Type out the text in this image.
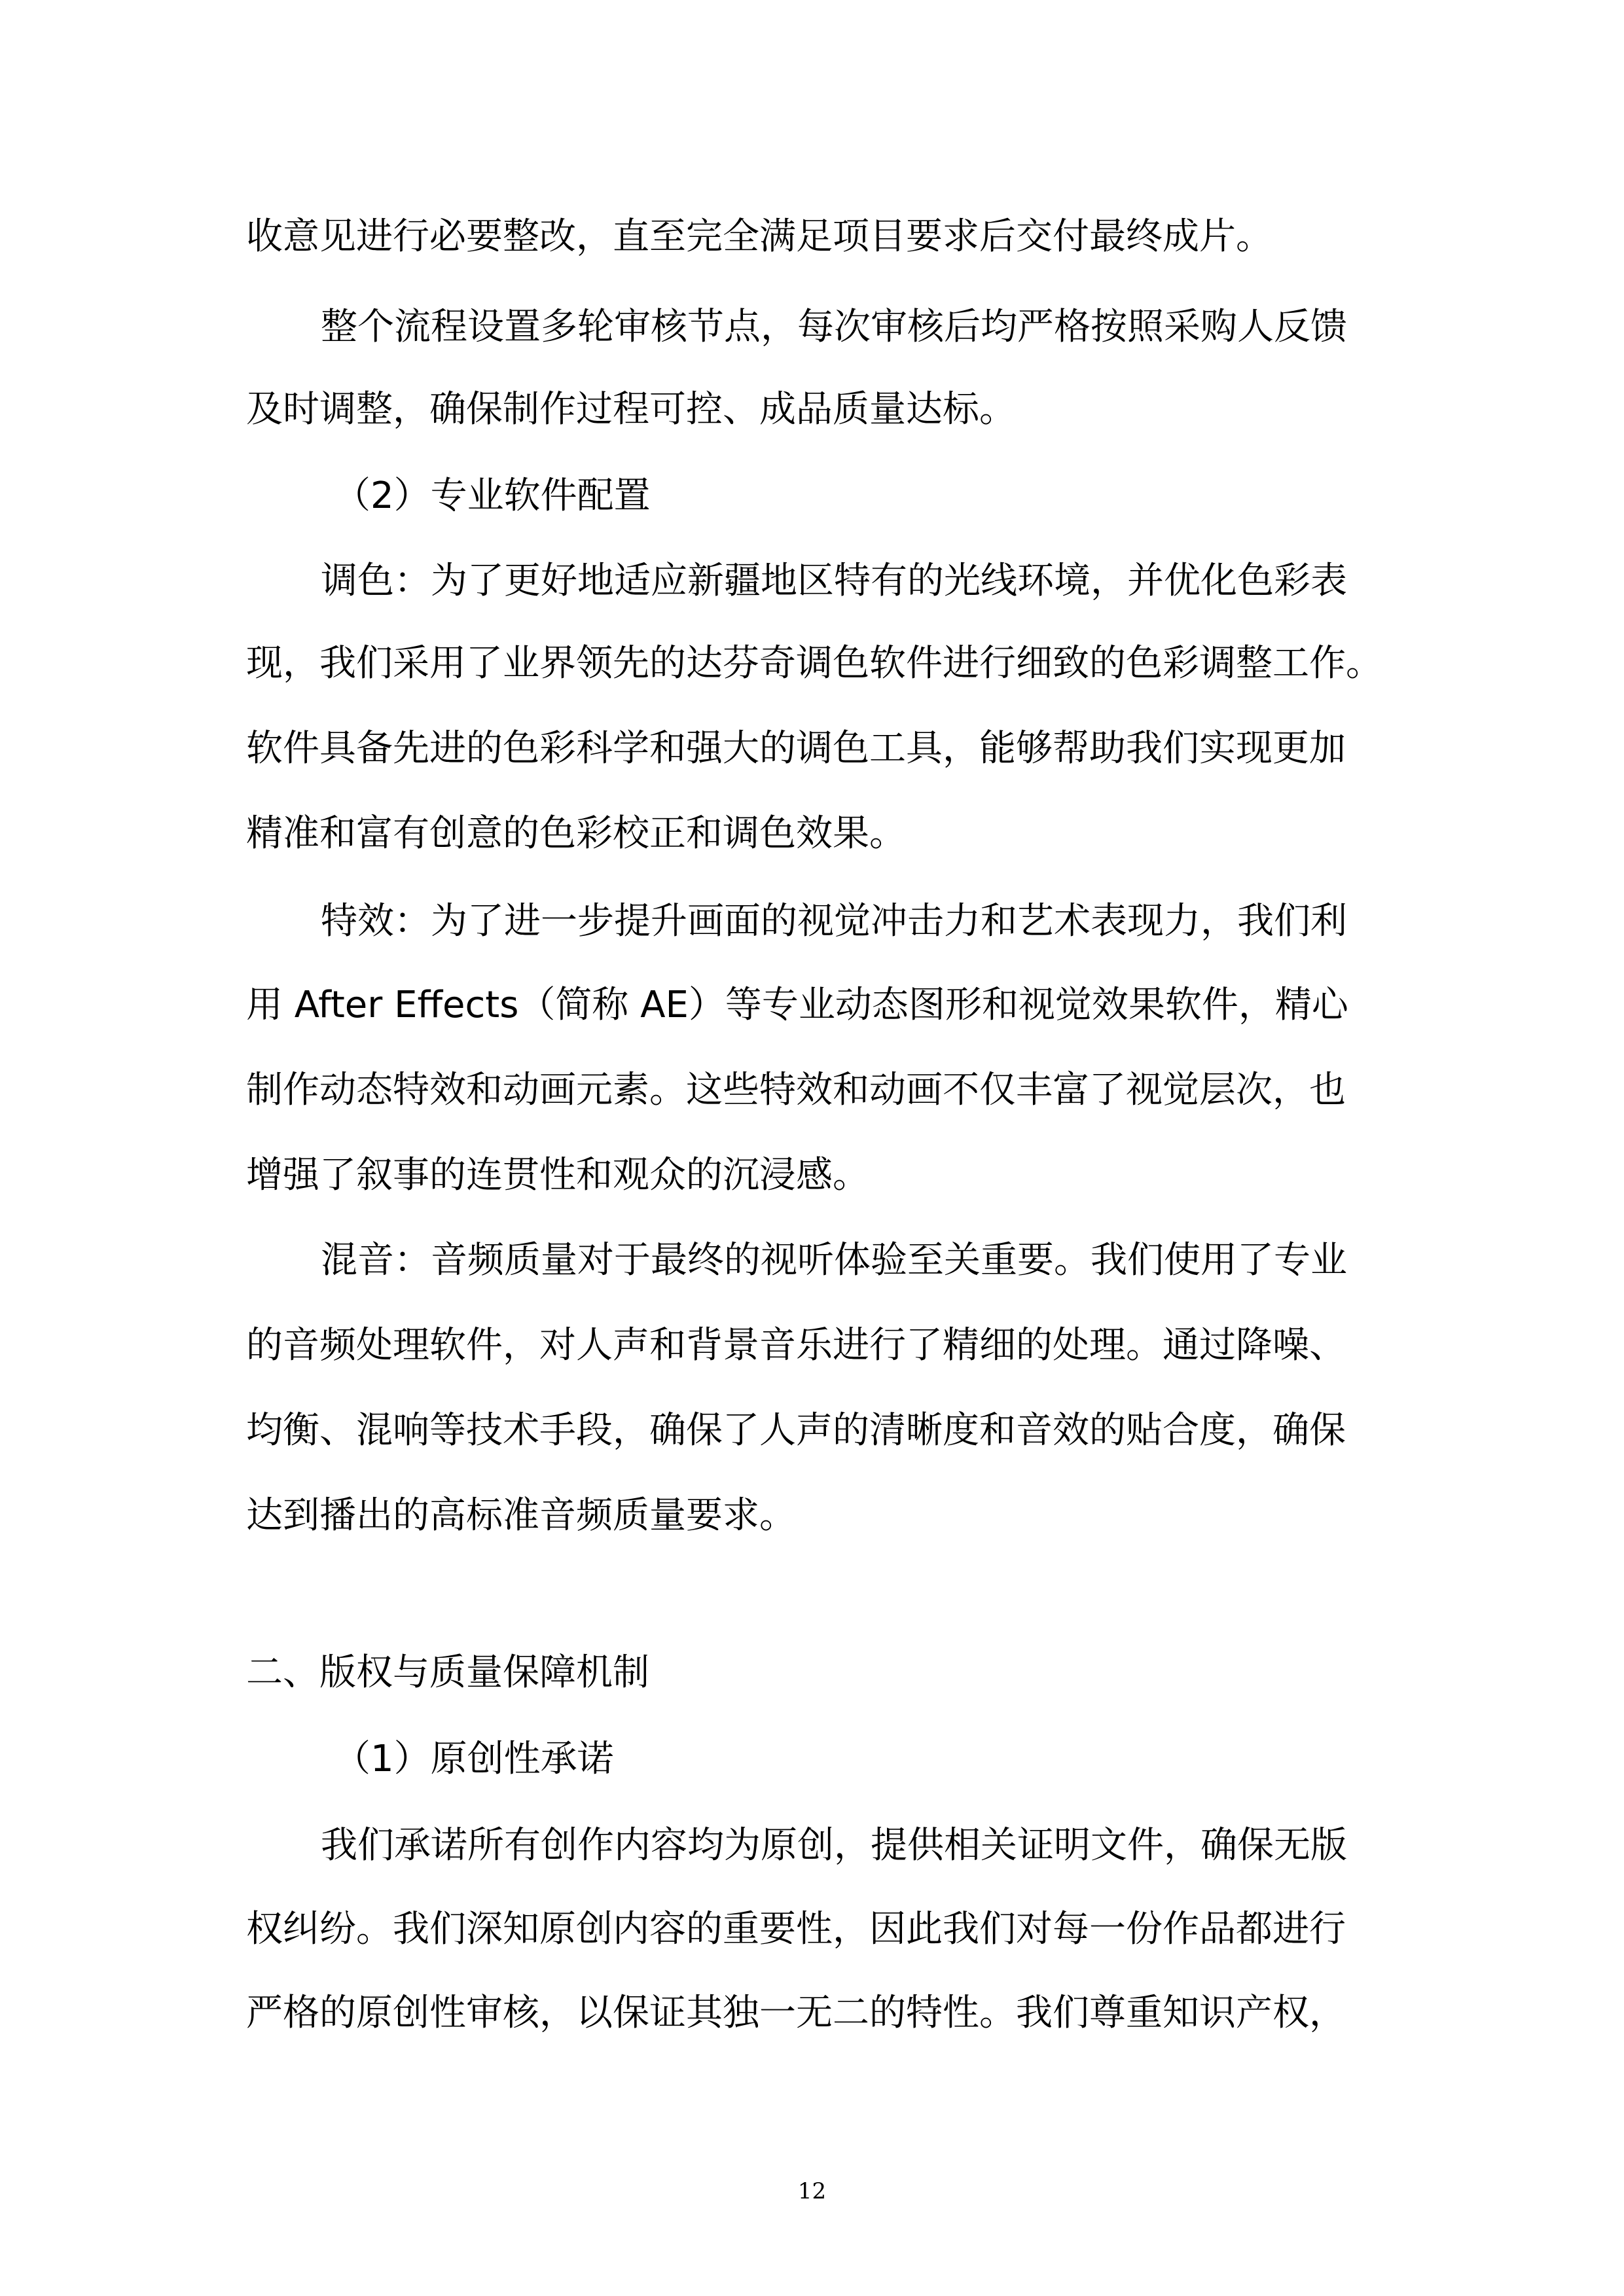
收意见进行必要整改，直至完全满足项目要求后交付最终成片。

整个流程设置多轮审核节点，每次审核后均严格按照采购人反馈

及时调整，确保制作过程可控、成品质量达标。

（2）专业软件配置

调色：为了更好地适应新疆地区特有的光线环境，并优化色彩表

现，我们采用了业界领先的达芬奇调色软件进行细致的色彩调整工作。

软件具备先进的色彩科学和强大的调色工具，能够帮助我们实现更加

精准和富有创意的色彩校正和调色效果。

特效：为了进一步提升画面的视觉冲击力和艺术表现力，我们利

用 After Effects（简称 AE）等专业动态图形和视觉效果软件，精心

制作动态特效和动画元素。这些特效和动画不仅丰富了视觉层次，也

增强了叙事的连贯性和观众的沉浸感。

混音：音频质量对于最终的视听体验至关重要。我们使用了专业

的音频处理软件，对人声和背景音乐进行了精细的处理。通过降噪、

均衡、混响等技术手段，确保了人声的清晰度和音效的贴合度，确保

达到播出的高标准音频质量要求。

二、版权与质量保障机制

（1）原创性承诺

我们承诺所有创作内容均为原创，提供相关证明文件，确保无版

权纠纷。我们深知原创内容的重要性，因此我们对每一份作品都进行

严格的原创性审核，以保证其独一无二的特性。我们尊重知识产权，

12
